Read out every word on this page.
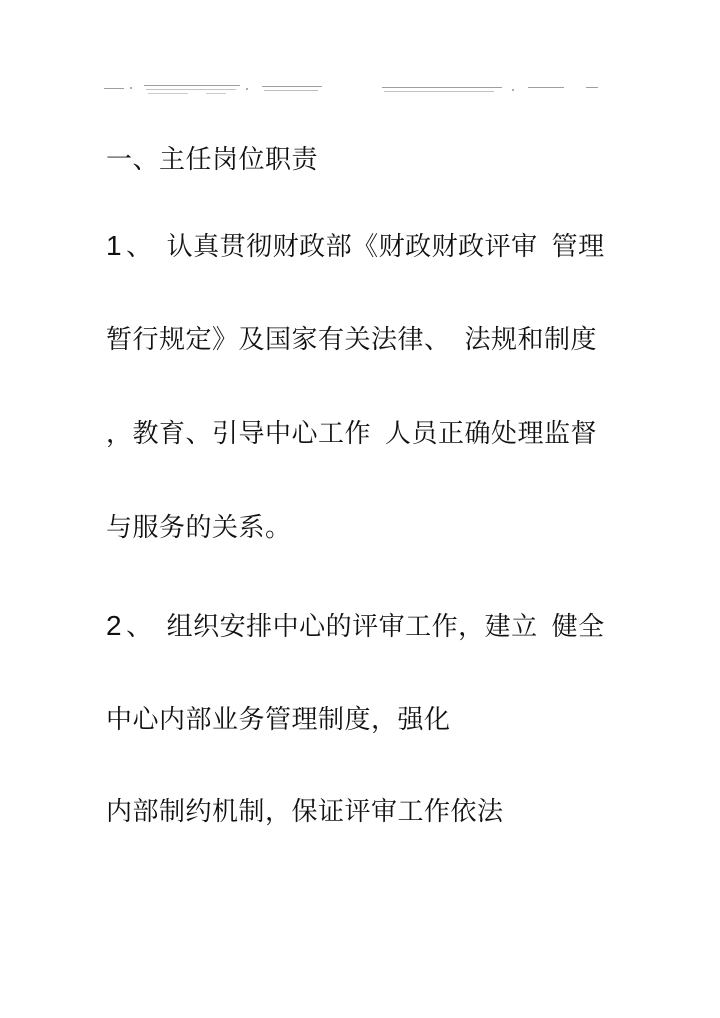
一、主任岗位职责
1 、 认真贯彻财政部《财政财政评审 管理
暂行规定》及国家有关法律、 法规和制度
，教育、引导中心工作 人员正确处理监督
与服务的关系。
2 、 组织安排中心的评审工作，建立 健全
中心内部业务管理制度，强化
内部制约机制，保证评审工作依法
